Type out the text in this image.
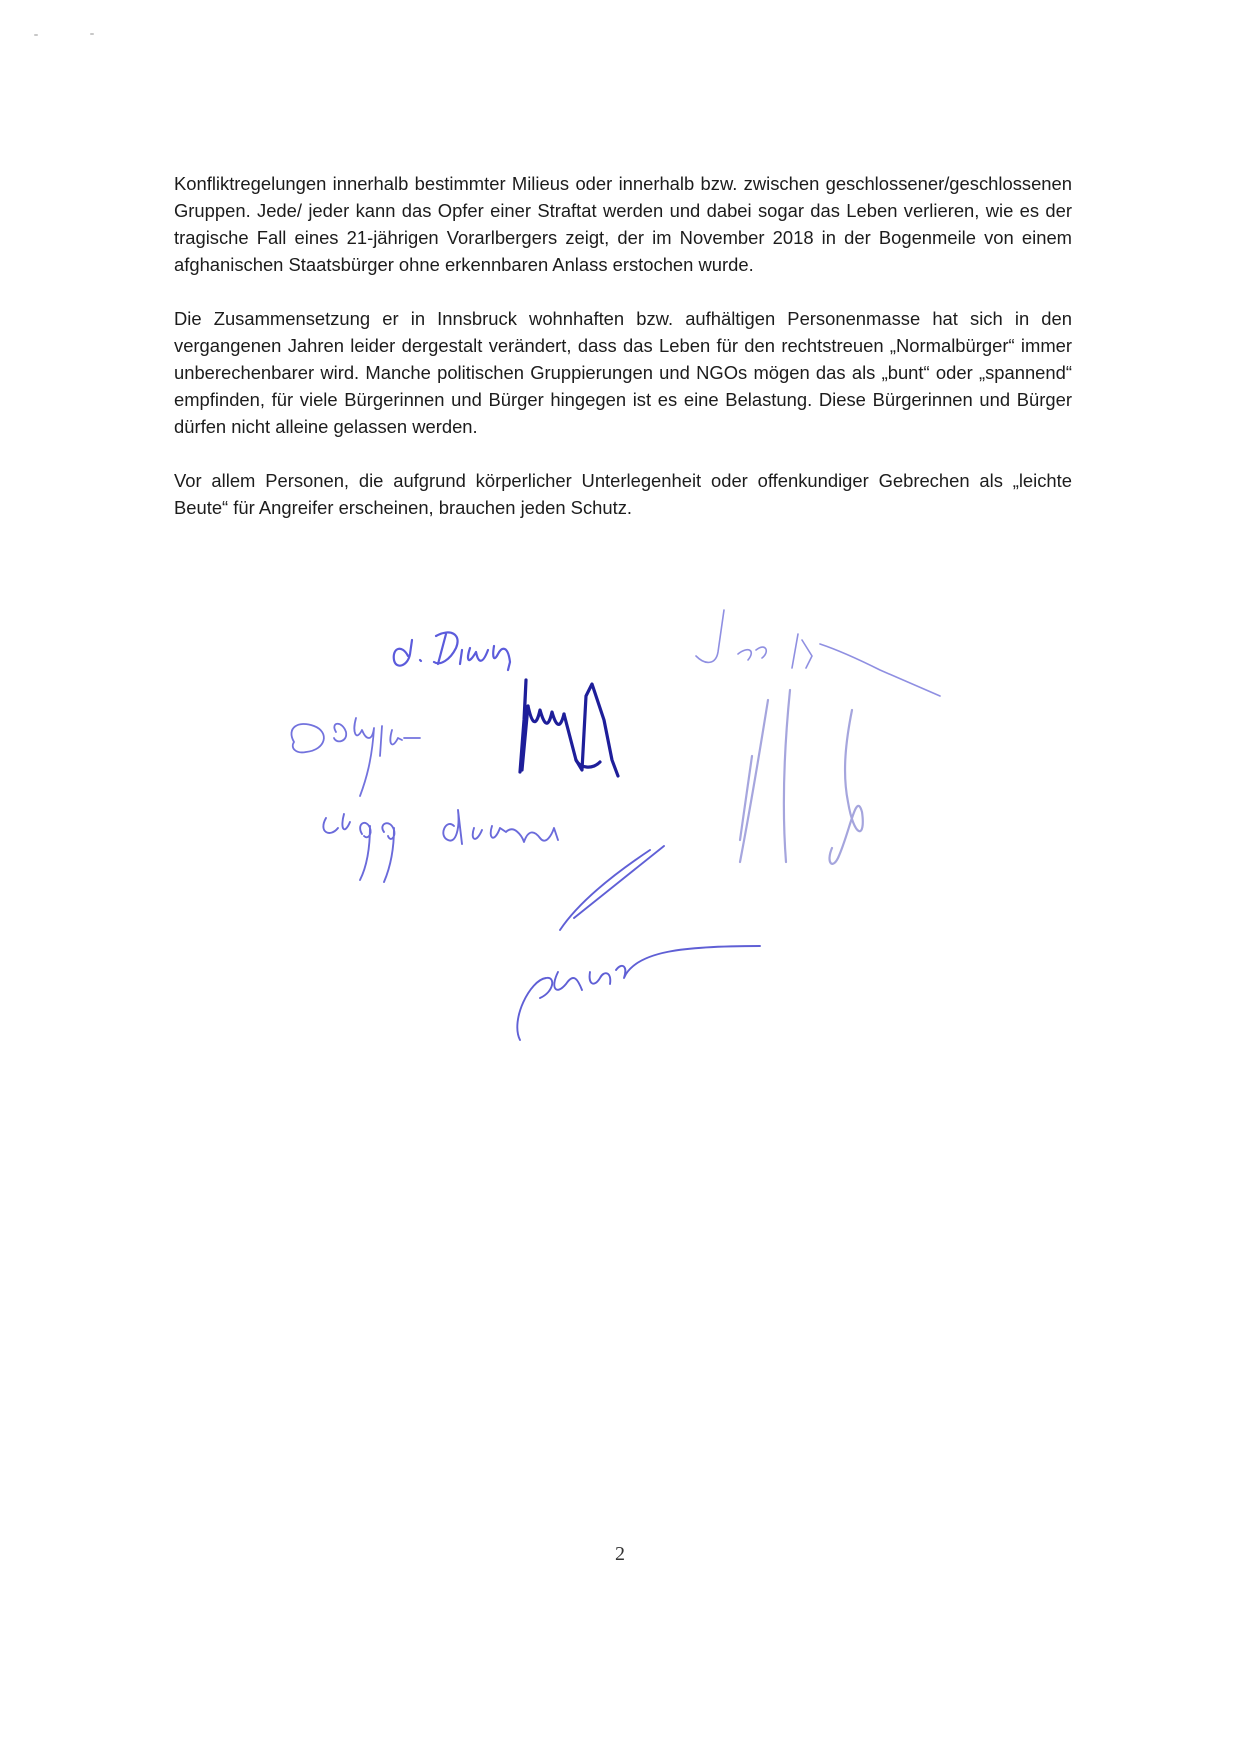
Konfliktregelungen innerhalb bestimmter Milieus oder innerhalb bzw. zwischen geschlossener/geschlossenen Gruppen. Jede/ jeder kann das Opfer einer Straftat werden und dabei sogar das Leben verlieren, wie es der tragische Fall eines 21-jährigen Vorarlbergers zeigt, der im November 2018 in der Bogenmeile von einem afghanischen Staatsbürger ohne erkennbaren Anlass erstochen wurde.

Die Zusammensetzung er in Innsbruck wohnhaften bzw. aufhältigen Personenmasse hat sich in den vergangenen Jahren leider dergestalt verändert, dass das Leben für den rechtstreuen „Normalbürger“ immer unberechenbarer wird. Manche politischen Gruppierungen und NGOs mögen das als „bunt“ oder „spannend“ empfinden, für viele Bürgerinnen und Bürger hingegen ist es eine Belastung. Diese Bürgerinnen und Bürger dürfen nicht alleine gelassen werden.

Vor allem Personen, die aufgrund körperlicher Unterlegenheit oder offenkundiger Gebrechen als „leichte Beute“ für Angreifer erscheinen, brauchen jeden Schutz.

2
